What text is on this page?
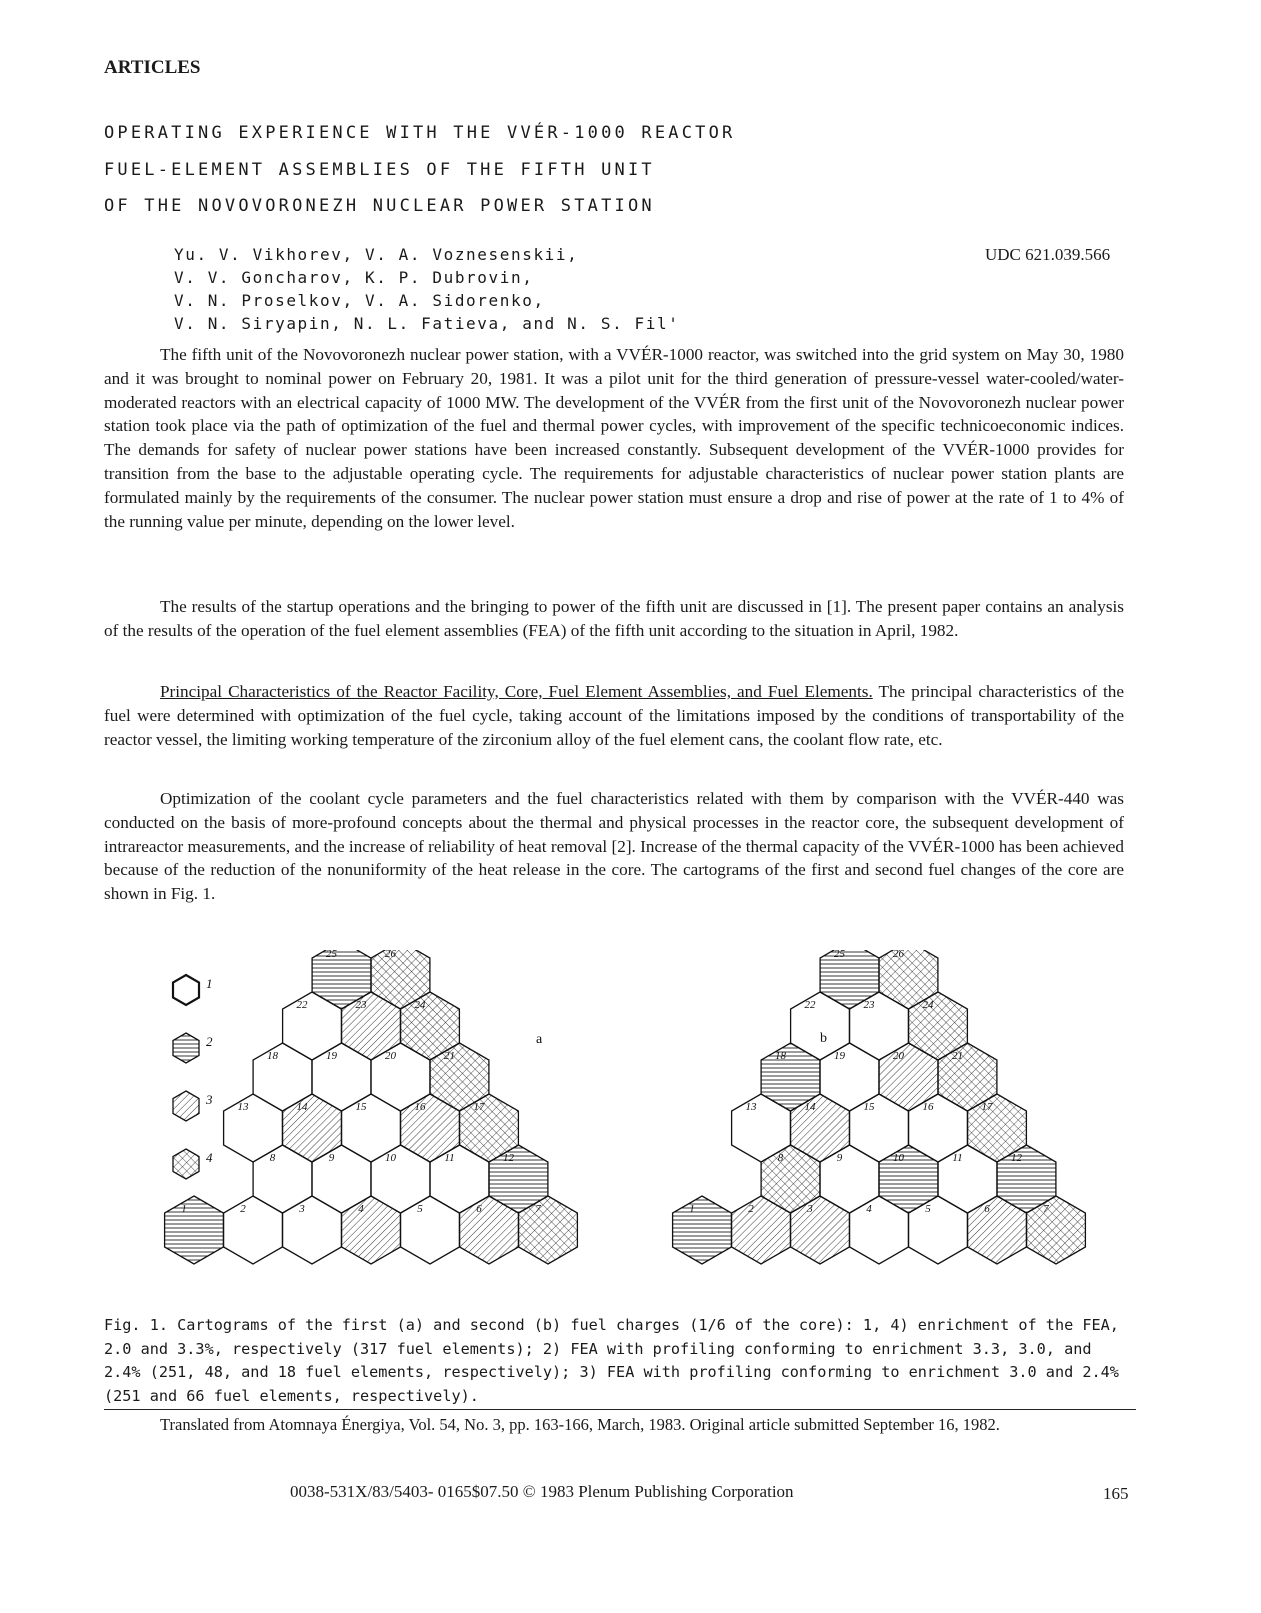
ARTICLES
OPERATING EXPERIENCE WITH THE VVÉR-1000 REACTOR
FUEL-ELEMENT ASSEMBLIES OF THE FIFTH UNIT
OF THE NOVOVORONEZH NUCLEAR POWER STATION
Yu. V. Vikhorev, V. A. Voznesenskii,
V. V. Goncharov, K. P. Dubrovin,
V. N. Proselkov, V. A. Sidorenko,
V. N. Siryapin, N. L. Fatieva, and N. S. Fil'
UDC 621.039.566
The fifth unit of the Novovoronezh nuclear power station, with a VVÉR-1000 reactor, was switched into the grid system on May 30, 1980 and it was brought to nominal power on February 20, 1981. It was a pilot unit for the third generation of pressure-vessel water-cooled/water-moderated reactors with an electrical capacity of 1000 MW. The development of the VVÉR from the first unit of the Novovoronezh nuclear power station took place via the path of optimization of the fuel and thermal power cycles, with improvement of the specific technicoeconomic indices. The demands for safety of nuclear power stations have been increased constantly. Subsequent development of the VVÉR-1000 provides for transition from the base to the adjustable operating cycle. The requirements for adjustable characteristics of nuclear power station plants are formulated mainly by the requirements of the consumer. The nuclear power station must ensure a drop and rise of power at the rate of 1 to 4% of the running value per minute, depending on the lower level.
The results of the startup operations and the bringing to power of the fifth unit are discussed in [1]. The present paper contains an analysis of the results of the operation of the fuel element assemblies (FEA) of the fifth unit according to the situation in April, 1982.
Principal Characteristics of the Reactor Facility, Core, Fuel Element Assemblies, and Fuel Elements. The principal characteristics of the fuel were determined with optimization of the fuel cycle, taking account of the limitations imposed by the conditions of transportability of the reactor vessel, the limiting working temperature of the zirconium alloy of the fuel element cans, the coolant flow rate, etc.
Optimization of the coolant cycle parameters and the fuel characteristics related with them by comparison with the VVÉR-440 was conducted on the basis of more-profound concepts about the thermal and physical processes in the reactor core, the subsequent development of intrareactor measurements, and the increase of reliability of heat removal [2]. Increase of the thermal capacity of the VVÉR-1000 has been achieved because of the reduction of the nonuniformity of the heat release in the core. The cartograms of the first and second fuel changes of the core are shown in Fig. 1.
1
2
3
4
1	2	3	4	5	6	7
8	9	10	11	12
13	14	15	16	17
18	19	20	21
22	23	24
25	26
1	2	3	4	5	6	7
8	9	10	11	12
13	14	15	16	17
18	19	20	21
22	23	24
25	26
a	b
Fig. 1. Cartograms of the first (a) and second (b) fuel charges (1/6 of the core): 1, 4) enrichment of the FEA, 2.0 and 3.3%, respectively (317 fuel elements); 2) FEA with profiling conforming to enrichment 3.3, 3.0, and 2.4% (251, 48, and 18 fuel elements, respectively); 3) FEA with profiling conforming to enrichment 3.0 and 2.4% (251 and 66 fuel elements, respectively).
Translated from Atomnaya Énergiya, Vol. 54, No. 3, pp. 163-166, March, 1983. Original article submitted September 16, 1982.
0038-531X/83/5403- 0165$07.50 © 1983 Plenum Publishing Corporation	165
